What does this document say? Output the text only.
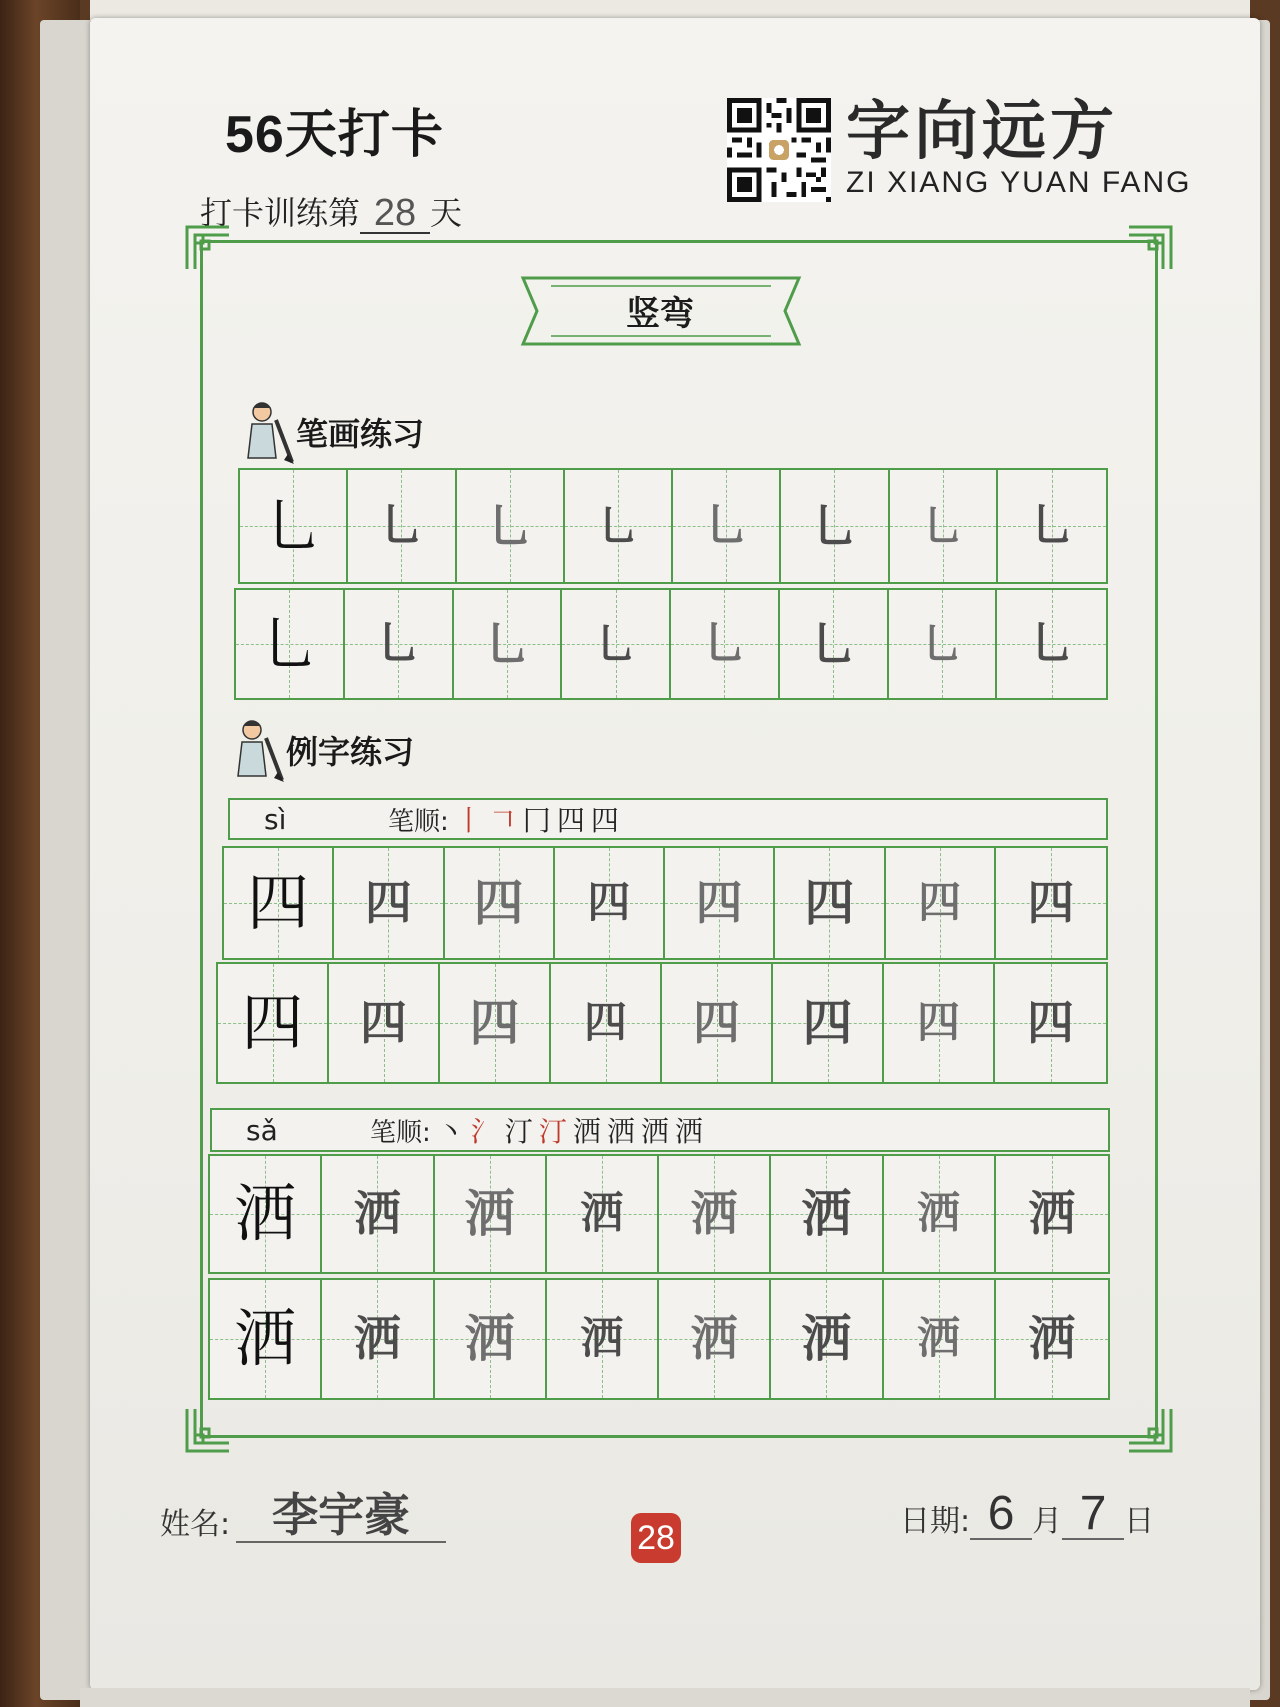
56天打卡
打卡训练第 28 天
字向远方
ZI XIANG YUAN FANG
竖弯
笔画练习
例字练习
乚	乚	乚	乚	乚	乚	乚	乚
乚	乚	乚	乚	乚	乚	乚	乚
sì	笔顺: 丨𠃍冂四四
四	四	四	四	四	四	四	四
四	四	四	四	四	四	四	四
sǎ	笔顺: 丶氵汀汀洒洒洒洒
洒	洒	洒	洒	洒	洒	洒	洒
洒	洒	洒	洒	洒	洒	洒	洒
姓名: 李宇豪	28	日期: 6 月 7 日
